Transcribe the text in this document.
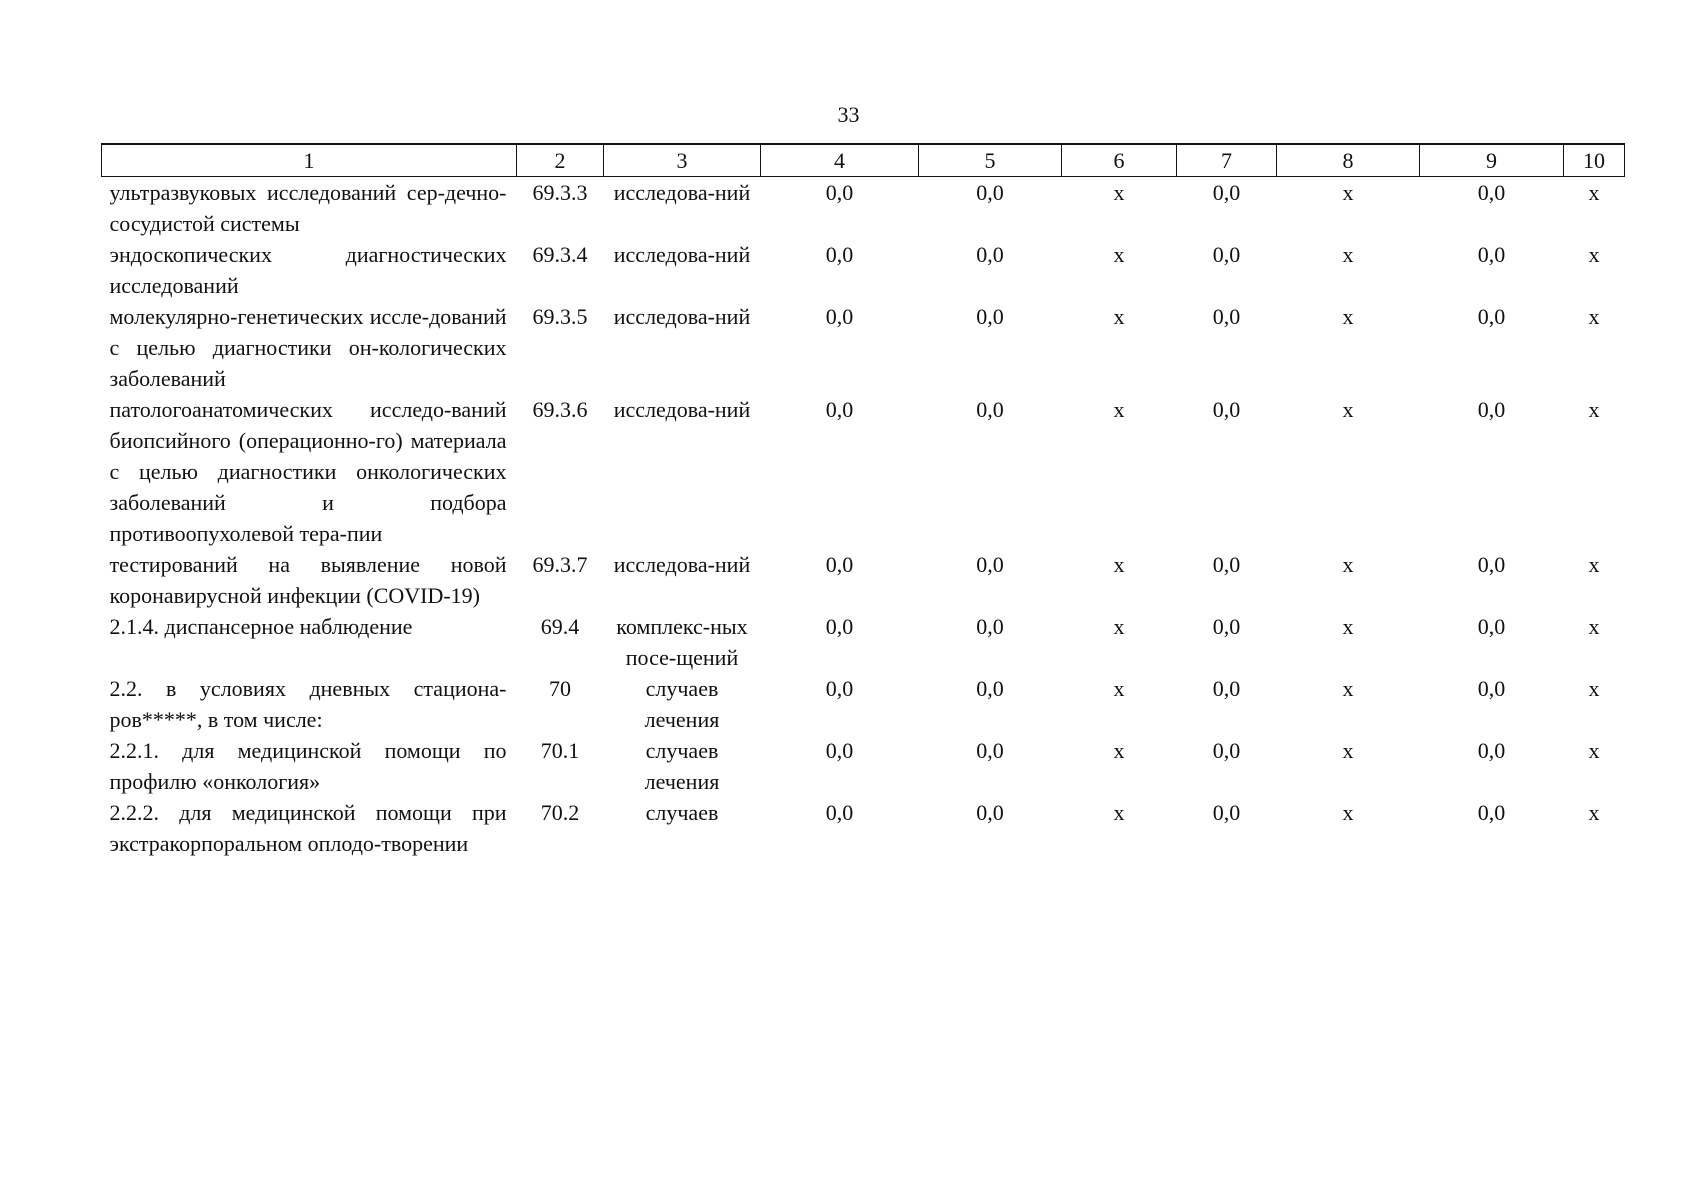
33
1	2	3	4	5	6	7	8	9	10
ультразвуковых исследований сер-дечно-сосудистой системы	69.3.3	исследова-ний	0,0	0,0	х	0,0	х	0,0	х
эндоскопических диагностических исследований	69.3.4	исследова-ний	0,0	0,0	х	0,0	х	0,0	х
молекулярно-генетических иссле-дований с целью диагностики он-кологических заболеваний	69.3.5	исследова-ний	0,0	0,0	х	0,0	х	0,0	х
патологоанатомических исследо-ваний биопсийного (операционно-го) материала с целью диагностики онкологических заболеваний и подбора противоопухолевой тера-пии	69.3.6	исследова-ний	0,0	0,0	х	0,0	х	0,0	х
тестирований на выявление новой коронавирусной инфекции (COVID-19)	69.3.7	исследова-ний	0,0	0,0	х	0,0	х	0,0	х
2.1.4. диспансерное наблюдение	69.4	комплекс-ных посе-щений	0,0	0,0	х	0,0	х	0,0	х
2.2. в условиях дневных стациона-ров*****, в том числе:	70	случаев лечения	0,0	0,0	х	0,0	х	0,0	х
2.2.1. для медицинской помощи по профилю «онкология»	70.1	случаев лечения	0,0	0,0	х	0,0	х	0,0	х
2.2.2. для медицинской помощи при экстракорпоральном оплодо-творении	70.2	случаев	0,0	0,0	х	0,0	х	0,0	х
